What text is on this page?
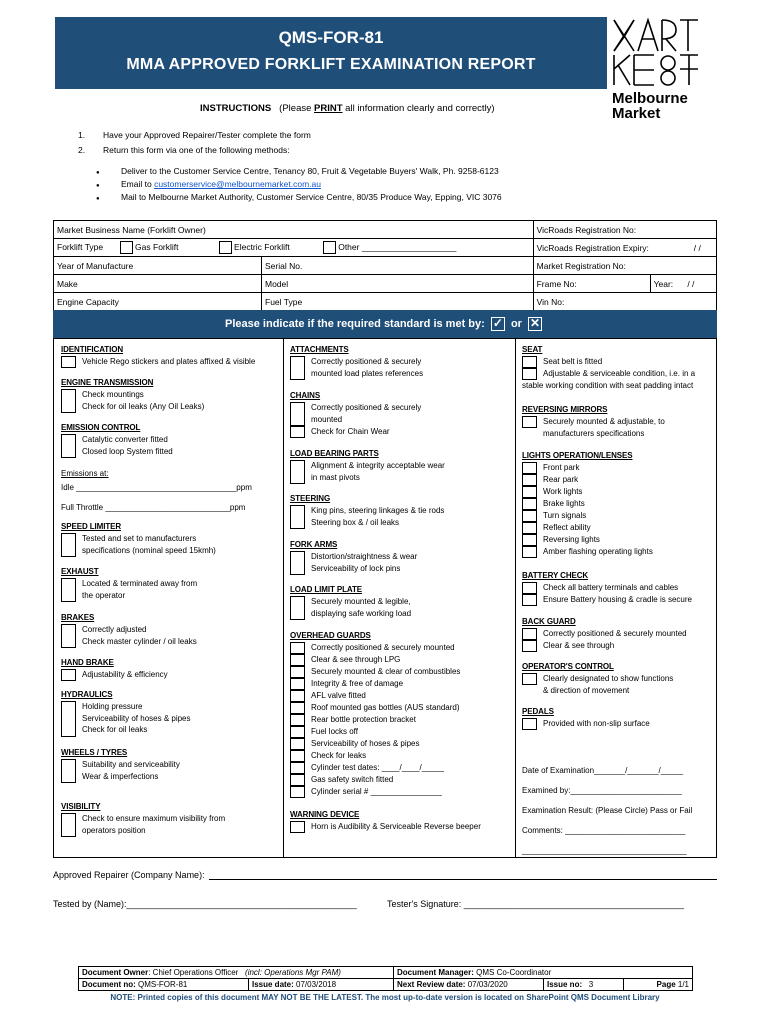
QMS-FOR-81
MMA APPROVED FORKLIFT EXAMINATION REPORT
Melbourne
Market
INSTRUCTIONS (Please PRINT all information clearly and correctly)
1. Have your Approved Repairer/Tester complete the form
2. Return this form via one of the following methods:
● Deliver to the Customer Service Centre, Tenancy 80, Fruit & Vegetable Buyers' Walk, Ph. 9258-6123
● Email to customerservice@melbournemarket.com.au
● Mail to Melbourne Market Authority, Customer Service Centre, 80/35 Produce Way, Epping, VIC 3076
Market Business Name (Forklift Owner)		VicRoads Registration No:	
Forklift Type Gas Forklift Electric Forklift Other ____________________		VicRoads Registration Expiry: / /	
Year of Manufacture	Serial No.	Market Registration No:	
Make	Model	Frame No:	Year: / /
Engine Capacity	Fuel Type	Vin No:	
Please indicate if the required standard is met by: ✓ or ✕
IDENTIFICATION
Vehicle Rego stickers and plates affixed & visible
ENGINE TRANSMISSION
Check mountings
Check for oil leaks (Any Oil Leaks)
EMISSION CONTROL
Catalytic converter fitted
Closed loop System fitted
Emissions at:
Idle ____________________________________ppm
Full Throttle ____________________________ppm
SPEED LIMITER
Tested and set to manufacturers
specifications (nominal speed 15kmh)
EXHAUST
Located & terminated away from
the operator
BRAKES
Correctly adjusted
Check master cylinder / oil leaks
HAND BRAKE
Adjustability & efficiency
HYDRAULICS
Holding pressure
Serviceability of hoses & pipes
Check for oil leaks
WHEELS / TYRES
Suitability and serviceability
Wear & imperfections
VISIBILITY
Check to ensure maximum visibility from
operators position
ATTACHMENTS
Correctly positioned & securely
mounted load plates references
CHAINS
Correctly positioned & securely
mounted
Check for Chain Wear
LOAD BEARING PARTS
Alignment & integrity acceptable wear
in mast pivots
STEERING
King pins, steering linkages & tie rods
Steering box & / oil leaks
FORK ARMS
Distortion/straightness & wear
Serviceability of lock pins
LOAD LIMIT PLATE
Securely mounted & legible,
displaying safe working load
OVERHEAD GUARDS
Correctly positioned & securely mounted
Clear & see through LPG
Securely mounted & clear of combustibles
Integrity & free of damage
AFL valve fitted
Roof mounted gas bottles (AUS standard)
Rear bottle protection bracket
Fuel locks off
Serviceability of hoses & pipes
Check for leaks
Cylinder test dates: ____/____/_____
Gas safety switch fitted
Cylinder serial # ________________
WARNING DEVICE
Horn is Audibility & Serviceable Reverse beeper
SEAT
Seat belt is fitted
Adjustable & serviceable condition, i.e. in a
stable working condition with seat padding intact
REVERSING MIRRORS
Securely mounted & adjustable, to
manufacturers specifications
LIGHTS OPERATION/LENSES
Front park
Rear park
Work lights
Brake lights
Turn signals
Reflect ability
Reversing lights
Amber flashing operating lights
BATTERY CHECK
Check all battery terminals and cables
Ensure Battery housing & cradle is secure
BACK GUARD
Correctly positioned & securely mounted
Clear & see through
OPERATOR'S CONTROL
Clearly designated to show functions
& direction of movement
PEDALS
Provided with non-slip surface
Date of Examination_______/_______/_____
Examined by:_________________________
Examination Result: (Please Circle) Pass or Fail
Comments: ___________________________
_____________________________________
Approved Repairer (Company Name):
Tested by (Name):______________________________________________	Tester's Signature: ____________________________________________
Document Owner: Chief Operations Officer (incl: Operations Mgr PAM)		Document Manager: QMS Co-Coordinator		
Document no: QMS-FOR-81	Issue date: 07/03/2018	Next Review date: 07/03/2020	Issue no: 3	Page 1/1
NOTE: Printed copies of this document MAY NOT BE THE LATEST. The most up-to-date version is located on SharePoint QMS Document Library
